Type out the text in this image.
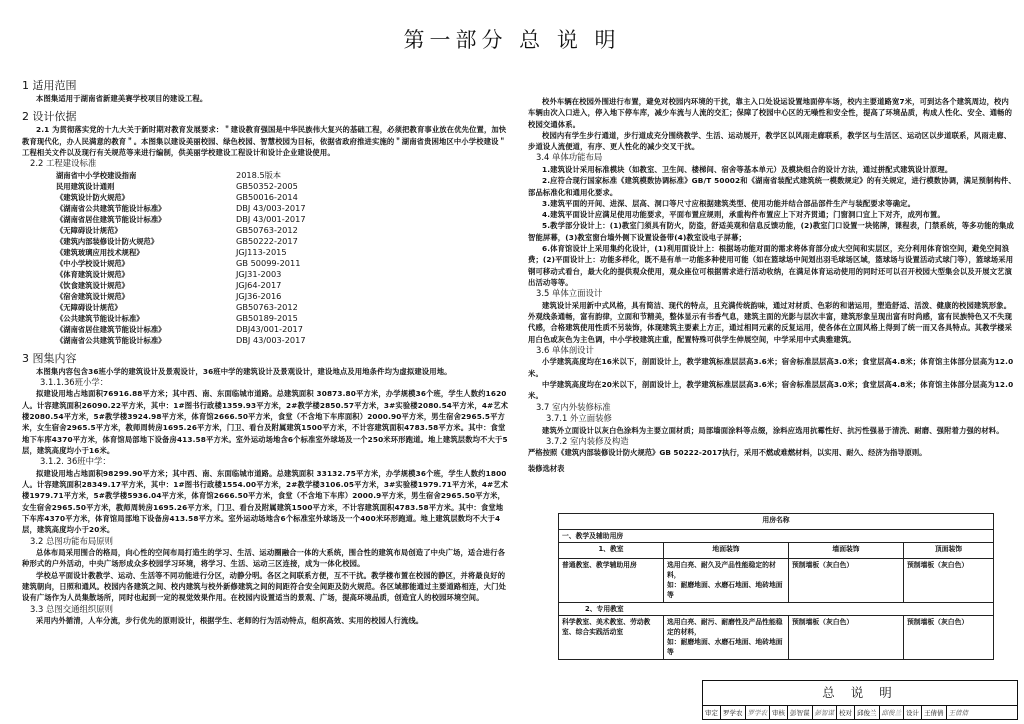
第一部分 总 说 明
1 适用范围
本图集适用于湖南省新建美赛学校项目的建设工程。
2 设计依据
2.1 为贯彻落实党的十九大关于新时期对教育发展要求：＂建设教育强国是中华民族伟大复兴的基础工程，必须把教育事业放在优先位置，加快教育现代化，办人民满意的教育＂。本图集以建设美丽校园、绿色校园、智慧校园为目标，依据省政府推进实施的＂湖南省贵困地区中小学校建设＂工程相关文件以及现行有关规范等来进行编制，供美丽学校建设工程设计和设计企业建设使用。
2.2 工程建设标准
湖南省中小学校建设指南	2018.5版本
民用建筑设计通则	GB50352-2005
《建筑设计防火规范》	GB50016-2014
《湖南省公共建筑节能设计标准》	DBJ 43/003-2017
《湖南省居住建筑节能设计标准》	DBJ 43/001-2017
《无障碍设计规范》	GB50763-2012
《建筑内部装修设计防火规范》	GB50222-2017
《建筑玻璃应用技术规程》	JGJ113-2015
《中小学校设计规范》	GB 50099-2011
《体育建筑设计规范》	JGJ31-2003
《饮食建筑设计规范》	JGJ64-2017
《宿舍建筑设计规范》	JGJ36-2016
《无障碍设计规范》	GB50763-2012
《公共建筑节能设计标准》	GB50189-2015
《湖南省居住建筑节能设计标准》	DBJ43/001-2017
《湖南省公共建筑节能设计标准》	DBJ 43/003-2017
3 图集内容
本图集内容包含36班小学的建筑设计及景观设计，36班中学的建筑设计及景观设计，建设地点及用地条件均为虚拟建设用地。
3.1.1.36班小学：
拟建设用地占地面积76916.88平方米；其中西、南、东面临城市道路。总建筑面积 30873.80平方米，办学规模36个班，学生人数约1620人。计容建筑面积26090.22平方米，其中：1#图书行政楼1359.93平方米，2#教学楼2850.57平方米，3#实验楼2080.54平方米，4#艺术楼2080.54平方米，5#教学楼3924.98平方米，体育馆2666.50平方米，食堂（不含地下车库面积）2000.90平方米，男生宿舍2965.5平方米，女生宿舍2965.5平方米，教师周转房1695.26平方米，门卫、看台及附属建筑1500平方米，不计容建筑面积4783.58平方米。其中：食堂地下车库4370平方米，体育馆局部地下设备房413.58平方米。室外运动场地含6个标准室外球场及一个250米环形跑道。地上建筑层数均不大于5层，建筑高度均小于16米。
3.1.2. 36班中学：
拟建设用地占地面积98299.90平方米；其中西、南、东面临城市道路。总建筑面积 33132.75平方米，办学规模36个班，学生人数约1800人。计容建筑面积28349.17平方米，其中：1#图书行政楼1554.00平方米，2#教学楼3106.05平方米，3#实验楼1979.71平方米，4#艺术楼1979.71平方米，5#教学楼5936.04平方米，体育馆2666.50平方米，食堂（不含地下车库）2000.9平方米，男生宿舍2965.50平方米，女生宿舍2965.50平方米，教师周转房1695.26平方米，门卫、看台及附属建筑1500平方米，不计容建筑面积4783.58平方米。其中：食堂地下车库4370平方米，体育馆局部地下设备房413.58平方米。室外运动场地含6个标准室外球场及一个400米环形跑道。地上建筑层数均不大于4层，建筑高度均小于20米。
3.2 总图功能布局原则
总体布局采用围合的格局，向心性的空间布局打造生的学习、生活、运动圈融合一体的大系统，围合性的建筑布局创造了中央广场，适合进行各种形式的户外活动，中央广场形成众多校园学习环境，将学习、生活、运动三区连接，成为一体化校园。
学校总平面设计教教学、运动、生活等不同功能进行分区，动静分明。各区之间联系方便，互不干扰。教学楼布置在校园的静区，并将最良好的建筑朝向，日照和通风。校园内各建筑之间、校内建筑与校外新修建筑之间的间距符合安全间距及防火规范。各区域都能通过主要道路相连，大门处设有广场作为人员集散场所，同时也起到一定的视觉效果作用。在校园内设置适当的景观、广场，提高环境品质，创造宜人的校园环境空间。
3.3 总图交通组织原则
采用内外循清，人车分流，步行优先的原则设计，根据学生、老师的行为活动特点，组织高效、实用的校园人行流线。
校外车辆在校园外围进行布置，避免对校园内环境的干扰，靠主入口处设运设置地面停车场，校内主要道路宽7米，可到达各个建筑周边，校内车辆由次入口进入，停入地下停车库，减少车流与人流的交汇；保障了校园中心区的无噪性和安全性，提高了环境品质，构成人性化、安全、通畅的校园交通体系。
校园内有学生步行通道，步行道成充分围绕教学、生活、运动展开，教学区以风雨走廊联系，教学区与生活区、运动区以步道联系，风雨走廊、步道设人流便道，有序、更人性化的减少交叉干扰。
3.4 单体功能布局
1.建筑设计采用标准模块（如教室、卫生间、楼梯间、宿舍等基本单元）及模块组合的设计方法，通过拼配式建筑设计原理。
2.应符合现行国家标准《建筑模数协调标准》GB/T 50002和《湖南省装配式建筑统一模数规定》的有关规定，进行模数协调，满足预制构件、部品标准化和通用化要求。
3.建筑平面的开间、进深、层高、洞口等尺寸应根据建筑类型、使用功能并结合部品部件生产与装配要求等确定。
4.建筑平面设计应满足使用功能要求，平面布置应规则，承重构件布置应上下对齐贯通；门窗洞口宜上下对齐，成列布置。
5.教学部分设计上：(1)教室门须具有防火，防盗，舒适美观和信息反馈功能，(2)教室门口设置一块铭牌，课程表，门禁系统，等多功能的集成智能屏幕，(3)教室窗台墙外侧下设置设备带(4)教室设电子屏幕；
6.体育馆设计上采用集约化设计，(1)利用面设计上：根据场功能对面的需求将体育部分成大空间和实层区，充分利用体育馆空间，避免空间浪费；(2)平面设计上：功能多样化，既不是有单一功能多种使用可能（如在篮球场中间划出羽毛球场区域，篮球场与设置活动式球门等），篮球场采用钢可移动式看台，最大化的提供观众使用，观众座位可根据需求进行活动收纳，在满足体育运动使用的同时还可以召开校园大型集会以及开展文艺演出活动等等。
3.5 单体立面设计
建筑设计采用新中式风格，具有简洁、现代的特点，且充满传统韵味，通过对材质、色彩的和谐运用，塑造舒适、活泼、健康的校园建筑形象。外观线条通畅，富有韵律，立面和节精美，整体显示有书香气息，建筑主面的光影与层次丰富，建筑形象呈现出富有时尚感，富有民族特色又不失现代感，合格建筑使用性质不另装饰，体现建筑主要素上方正，通过相同元素的反复运用，使各体在立面风格上得到了统一而又各具特点。其教学楼采用白色或灰色为主色调，中小学校建筑庄重，配置特殊可供学生伸展空间，中学采用中式典雅建筑。
3.6 单体剖设计
小学建筑高度均在16米以下，剖面设计上，教学建筑标准层层高3.6米；宿舍标准层层高3.0米；食堂层高4.8米；体育馆主体部分层高为12.0米。
中学建筑高度均在20米以下，剖面设计上，教学建筑标准层层高3.6米；宿舍标准层层高3.0米；食堂层高4.8米；体育馆主体部分层高为12.0米。
3.7 室内外装修标准
3.7.1 外立面装修
建筑外立面设计以灰白色涂料为主要立面材质；局部墙面涂料等点缀，涂料应选用抗霉性好、抗污性强易于清洗、耐磨、强附着力强的材料。
3.7.2 室内装修及构造
严格按照《建筑内部装修设计防火规范》GB 50222-2017执行，采用不燃或难燃材料，以实用、耐久、经济为指导原则。
装修选材表
用房名称			
一、教学及辅助用房			
1、教室	地面装饰	墙面装饰	顶面装饰
普通教室、教学辅助用房	选用白亮、耐久及产品性能稳定的材料，
如：耐磨地面、水磨石地面、地砖地面等	预制墙板（灰白色）	预制墙板（灰白色）
2、专用教室			
科学教室、美术教室、劳动教室、综合实践活动室	选用白亮、耐污、耐磨性及产品性能稳定的材料，
如：耐磨地面、水磨石地面、地砖地面等	预制墙板（灰白色）	预制墙板（灰白色）
总 说 明
审定 罗学农 罗学农 审核 彭智谋 彭智谋 校对 邱俊兰 邱俊兰 设计 王倩倩 王倩倩
